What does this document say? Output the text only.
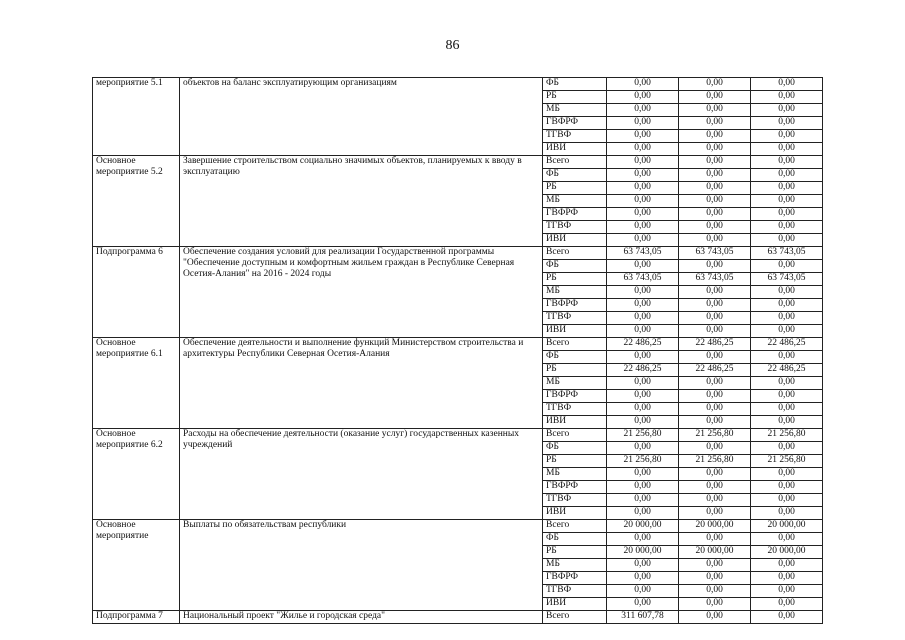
86
мероприятие 5.1	объектов на баланс эксплуатирующим организациям	ФБ	0,00	0,00	0,00
		РБ	0,00	0,00	0,00
		МБ	0,00	0,00	0,00
		ГВФРФ	0,00	0,00	0,00
		ТГВФ	0,00	0,00	0,00
		ИВИ	0,00	0,00	0,00
Основное мероприятие 5.2	Завершение строительством социально значимых объектов, планируемых к вводу в эксплуатацию	Всего	0,00	0,00	0,00
		ФБ	0,00	0,00	0,00
		РБ	0,00	0,00	0,00
		МБ	0,00	0,00	0,00
		ГВФРФ	0,00	0,00	0,00
		ТГВФ	0,00	0,00	0,00
		ИВИ	0,00	0,00	0,00
Подпрограмма 6	Обеспечение создания условий для реализации Государственной программы "Обеспечение доступным и комфортным жильем граждан в Республике Северная Осетия-Алания" на 2016 - 2024 годы	Всего	63 743,05	63 743,05	63 743,05
		ФБ	0,00	0,00	0,00
		РБ	63 743,05	63 743,05	63 743,05
		МБ	0,00	0,00	0,00
		ГВФРФ	0,00	0,00	0,00
		ТГВФ	0,00	0,00	0,00
		ИВИ	0,00	0,00	0,00
Основное мероприятие 6.1	Обеспечение деятельности и выполнение функций Министерством строительства и архитектуры Республики Северная Осетия-Алания	Всего	22 486,25	22 486,25	22 486,25
		ФБ	0,00	0,00	0,00
		РБ	22 486,25	22 486,25	22 486,25
		МБ	0,00	0,00	0,00
		ГВФРФ	0,00	0,00	0,00
		ТГВФ	0,00	0,00	0,00
		ИВИ	0,00	0,00	0,00
Основное мероприятие 6.2	Расходы на обеспечение деятельности (оказание услуг) государственных казенных учреждений	Всего	21 256,80	21 256,80	21 256,80
		ФБ	0,00	0,00	0,00
		РБ	21 256,80	21 256,80	21 256,80
		МБ	0,00	0,00	0,00
		ГВФРФ	0,00	0,00	0,00
		ТГВФ	0,00	0,00	0,00
		ИВИ	0,00	0,00	0,00
Основное мероприятие	Выплаты по обязательствам республики	Всего	20 000,00	20 000,00	20 000,00
		ФБ	0,00	0,00	0,00
		РБ	20 000,00	20 000,00	20 000,00
		МБ	0,00	0,00	0,00
		ГВФРФ	0,00	0,00	0,00
		ТГВФ	0,00	0,00	0,00
		ИВИ	0,00	0,00	0,00
Подпрограмма 7	Национальный проект "Жилье и городская среда"	Всего	311 607,78	0,00	0,00
